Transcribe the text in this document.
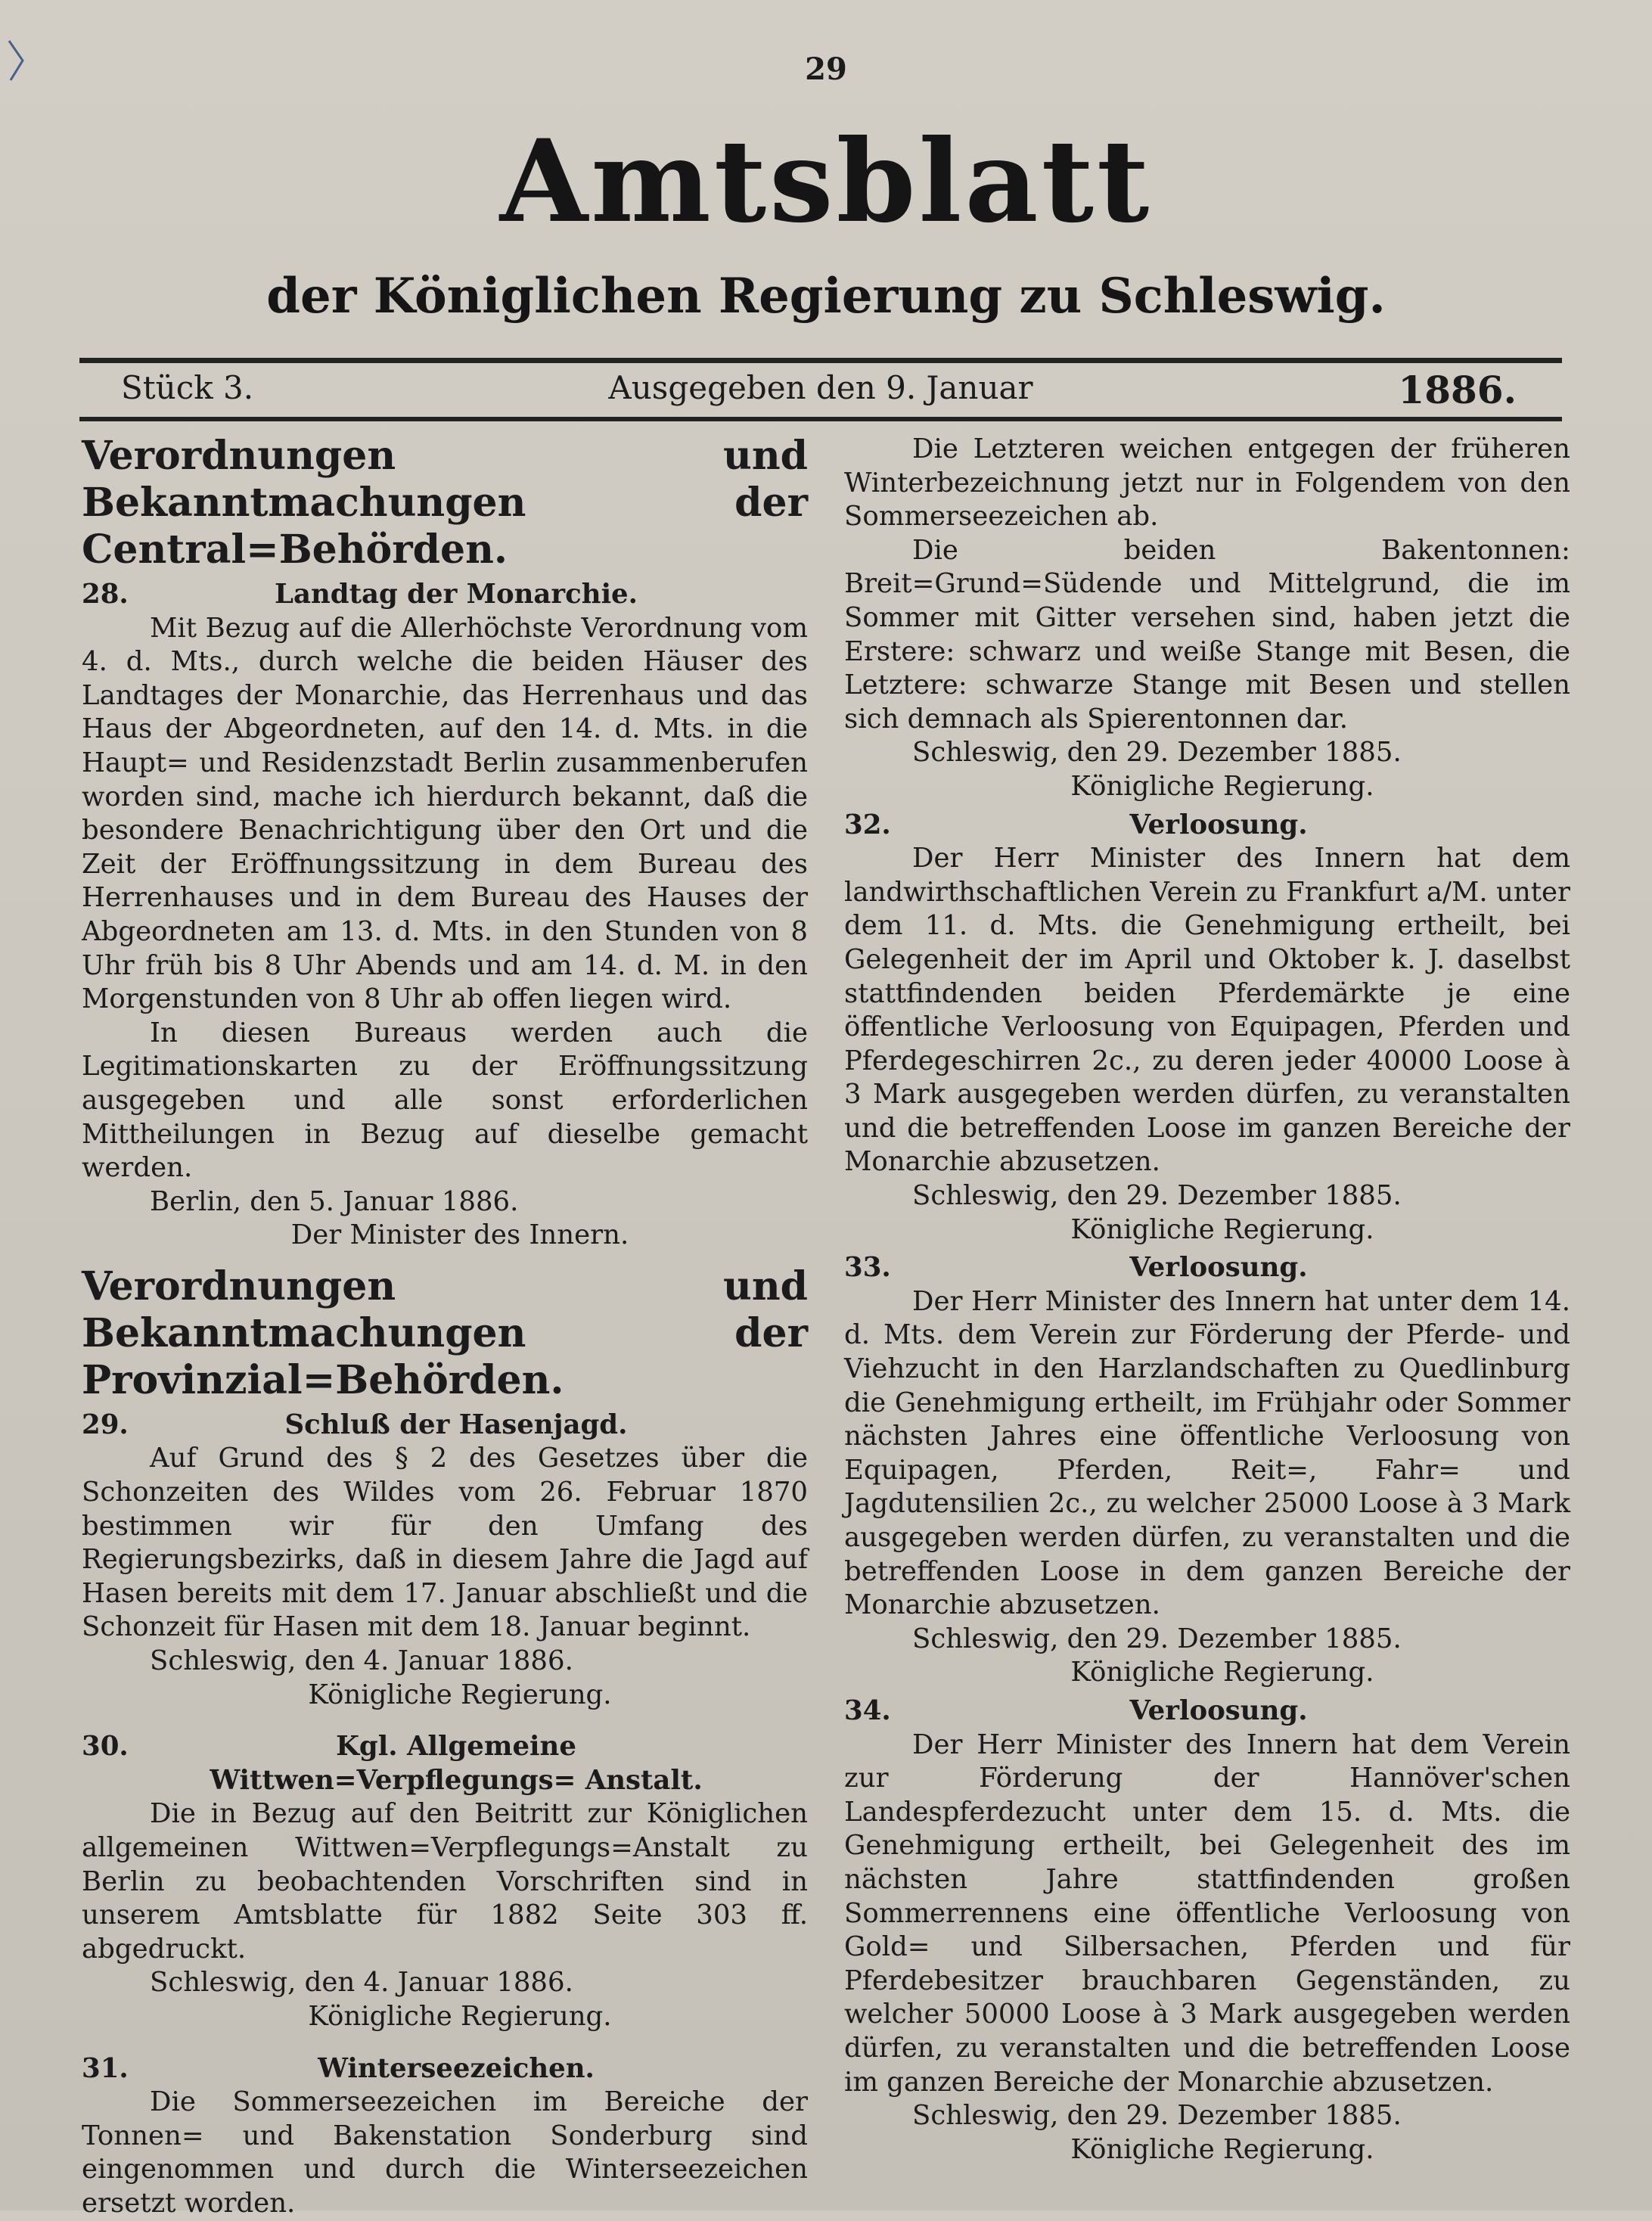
29
Amtsblatt
der Königlichen Regierung zu Schleswig.
Ausgegeben den 9. Januar
Stück 3.	1886.

Verordnungen und Bekanntmachungen der Central=Behörden.

28.	Landtag der Monarchie.

Mit Bezug auf die Allerhöchste Verordnung vom 4. d. Mts., durch welche die beiden Häuser des Landtages der Monarchie, das Herrenhaus und das Haus der Abgeordneten, auf den 14. d. Mts. in die Haupt= und Residenzstadt Berlin zusammenberufen worden sind, mache ich hierdurch bekannt, daß die besondere Benachrichtigung über den Ort und die Zeit der Eröffnungssitzung in dem Bureau des Herrenhauses und in dem Bureau des Hauses der Abgeordneten am 13. d. Mts. in den Stunden von 8 Uhr früh bis 8 Uhr Abends und am 14. d. M. in den Morgenstunden von 8 Uhr ab offen liegen wird.

In diesen Bureaus werden auch die Legitimationskarten zu der Eröffnungssitzung ausgegeben und alle sonst erforderlichen Mittheilungen in Bezug auf dieselbe gemacht werden.

Berlin, den 5. Januar 1886.

Der Minister des Innern.

Verordnungen und Bekanntmachungen der Provinzial=Behörden.

29.	Schluß der Hasenjagd.

Auf Grund des § 2 des Gesetzes über die Schonzeiten des Wildes vom 26. Februar 1870 bestimmen wir für den Umfang des Regierungsbezirks, daß in diesem Jahre die Jagd auf Hasen bereits mit dem 17. Januar abschließt und die Schonzeit für Hasen mit dem 18. Januar beginnt.

Schleswig, den 4. Januar 1886.

Königliche Regierung.

30.	Kgl. Allgemeine Wittwen=Verpflegungs= Anstalt.

Die in Bezug auf den Beitritt zur Königlichen allgemeinen Wittwen=Verpflegungs=Anstalt zu Berlin zu beobachtenden Vorschriften sind in unserem Amtsblatte für 1882 Seite 303 ff. abgedruckt.

Schleswig, den 4. Januar 1886.

Königliche Regierung.

31.	Winterseezeichen.

Die Sommerseezeichen im Bereiche der Tonnen= und Bakenstation Sonderburg sind eingenommen und durch die Winterseezeichen ersetzt worden.

Die Letzteren weichen entgegen der früheren Winterbezeichnung jetzt nur in Folgendem von den Sommerseezeichen ab.

Die beiden Bakentonnen: Breit=Grund=Südende und Mittelgrund, die im Sommer mit Gitter versehen sind, haben jetzt die Erstere: schwarz und weiße Stange mit Besen, die Letztere: schwarze Stange mit Besen und stellen sich demnach als Spierentonnen dar.

Schleswig, den 29. Dezember 1885.

Königliche Regierung.

32.	Verloosung.

Der Herr Minister des Innern hat dem landwirthschaftlichen Verein zu Frankfurt a/M. unter dem 11. d. Mts. die Genehmigung ertheilt, bei Gelegenheit der im April und Oktober k. J. daselbst stattfindenden beiden Pferdemärkte je eine öffentliche Verloosung von Equipagen, Pferden und Pferdegeschirren 2c., zu deren jeder 40000 Loose à 3 Mark ausgegeben werden dürfen, zu veranstalten und die betreffenden Loose im ganzen Bereiche der Monarchie abzusetzen.

Schleswig, den 29. Dezember 1885.

Königliche Regierung.

33.	Verloosung.

Der Herr Minister des Innern hat unter dem 14. d. Mts. dem Verein zur Förderung der Pferde- und Viehzucht in den Harzlandschaften zu Quedlinburg die Genehmigung ertheilt, im Frühjahr oder Sommer nächsten Jahres eine öffentliche Verloosung von Equipagen, Pferden, Reit=, Fahr= und Jagdutensilien 2c., zu welcher 25000 Loose à 3 Mark ausgegeben werden dürfen, zu veranstalten und die betreffenden Loose in dem ganzen Bereiche der Monarchie abzusetzen.

Schleswig, den 29. Dezember 1885.

Königliche Regierung.

34.	Verloosung.

Der Herr Minister des Innern hat dem Verein zur Förderung der Hannöver'schen Landespferdezucht unter dem 15. d. Mts. die Genehmigung ertheilt, bei Gelegenheit des im nächsten Jahre stattfindenden großen Sommerrennens eine öffentliche Verloosung von Gold= und Silbersachen, Pferden und für Pferdebesitzer brauchbaren Gegenständen, zu welcher 50000 Loose à 3 Mark ausgegeben werden dürfen, zu veranstalten und die betreffenden Loose im ganzen Bereiche der Monarchie abzusetzen.

Schleswig, den 29. Dezember 1885.

Königliche Regierung.
